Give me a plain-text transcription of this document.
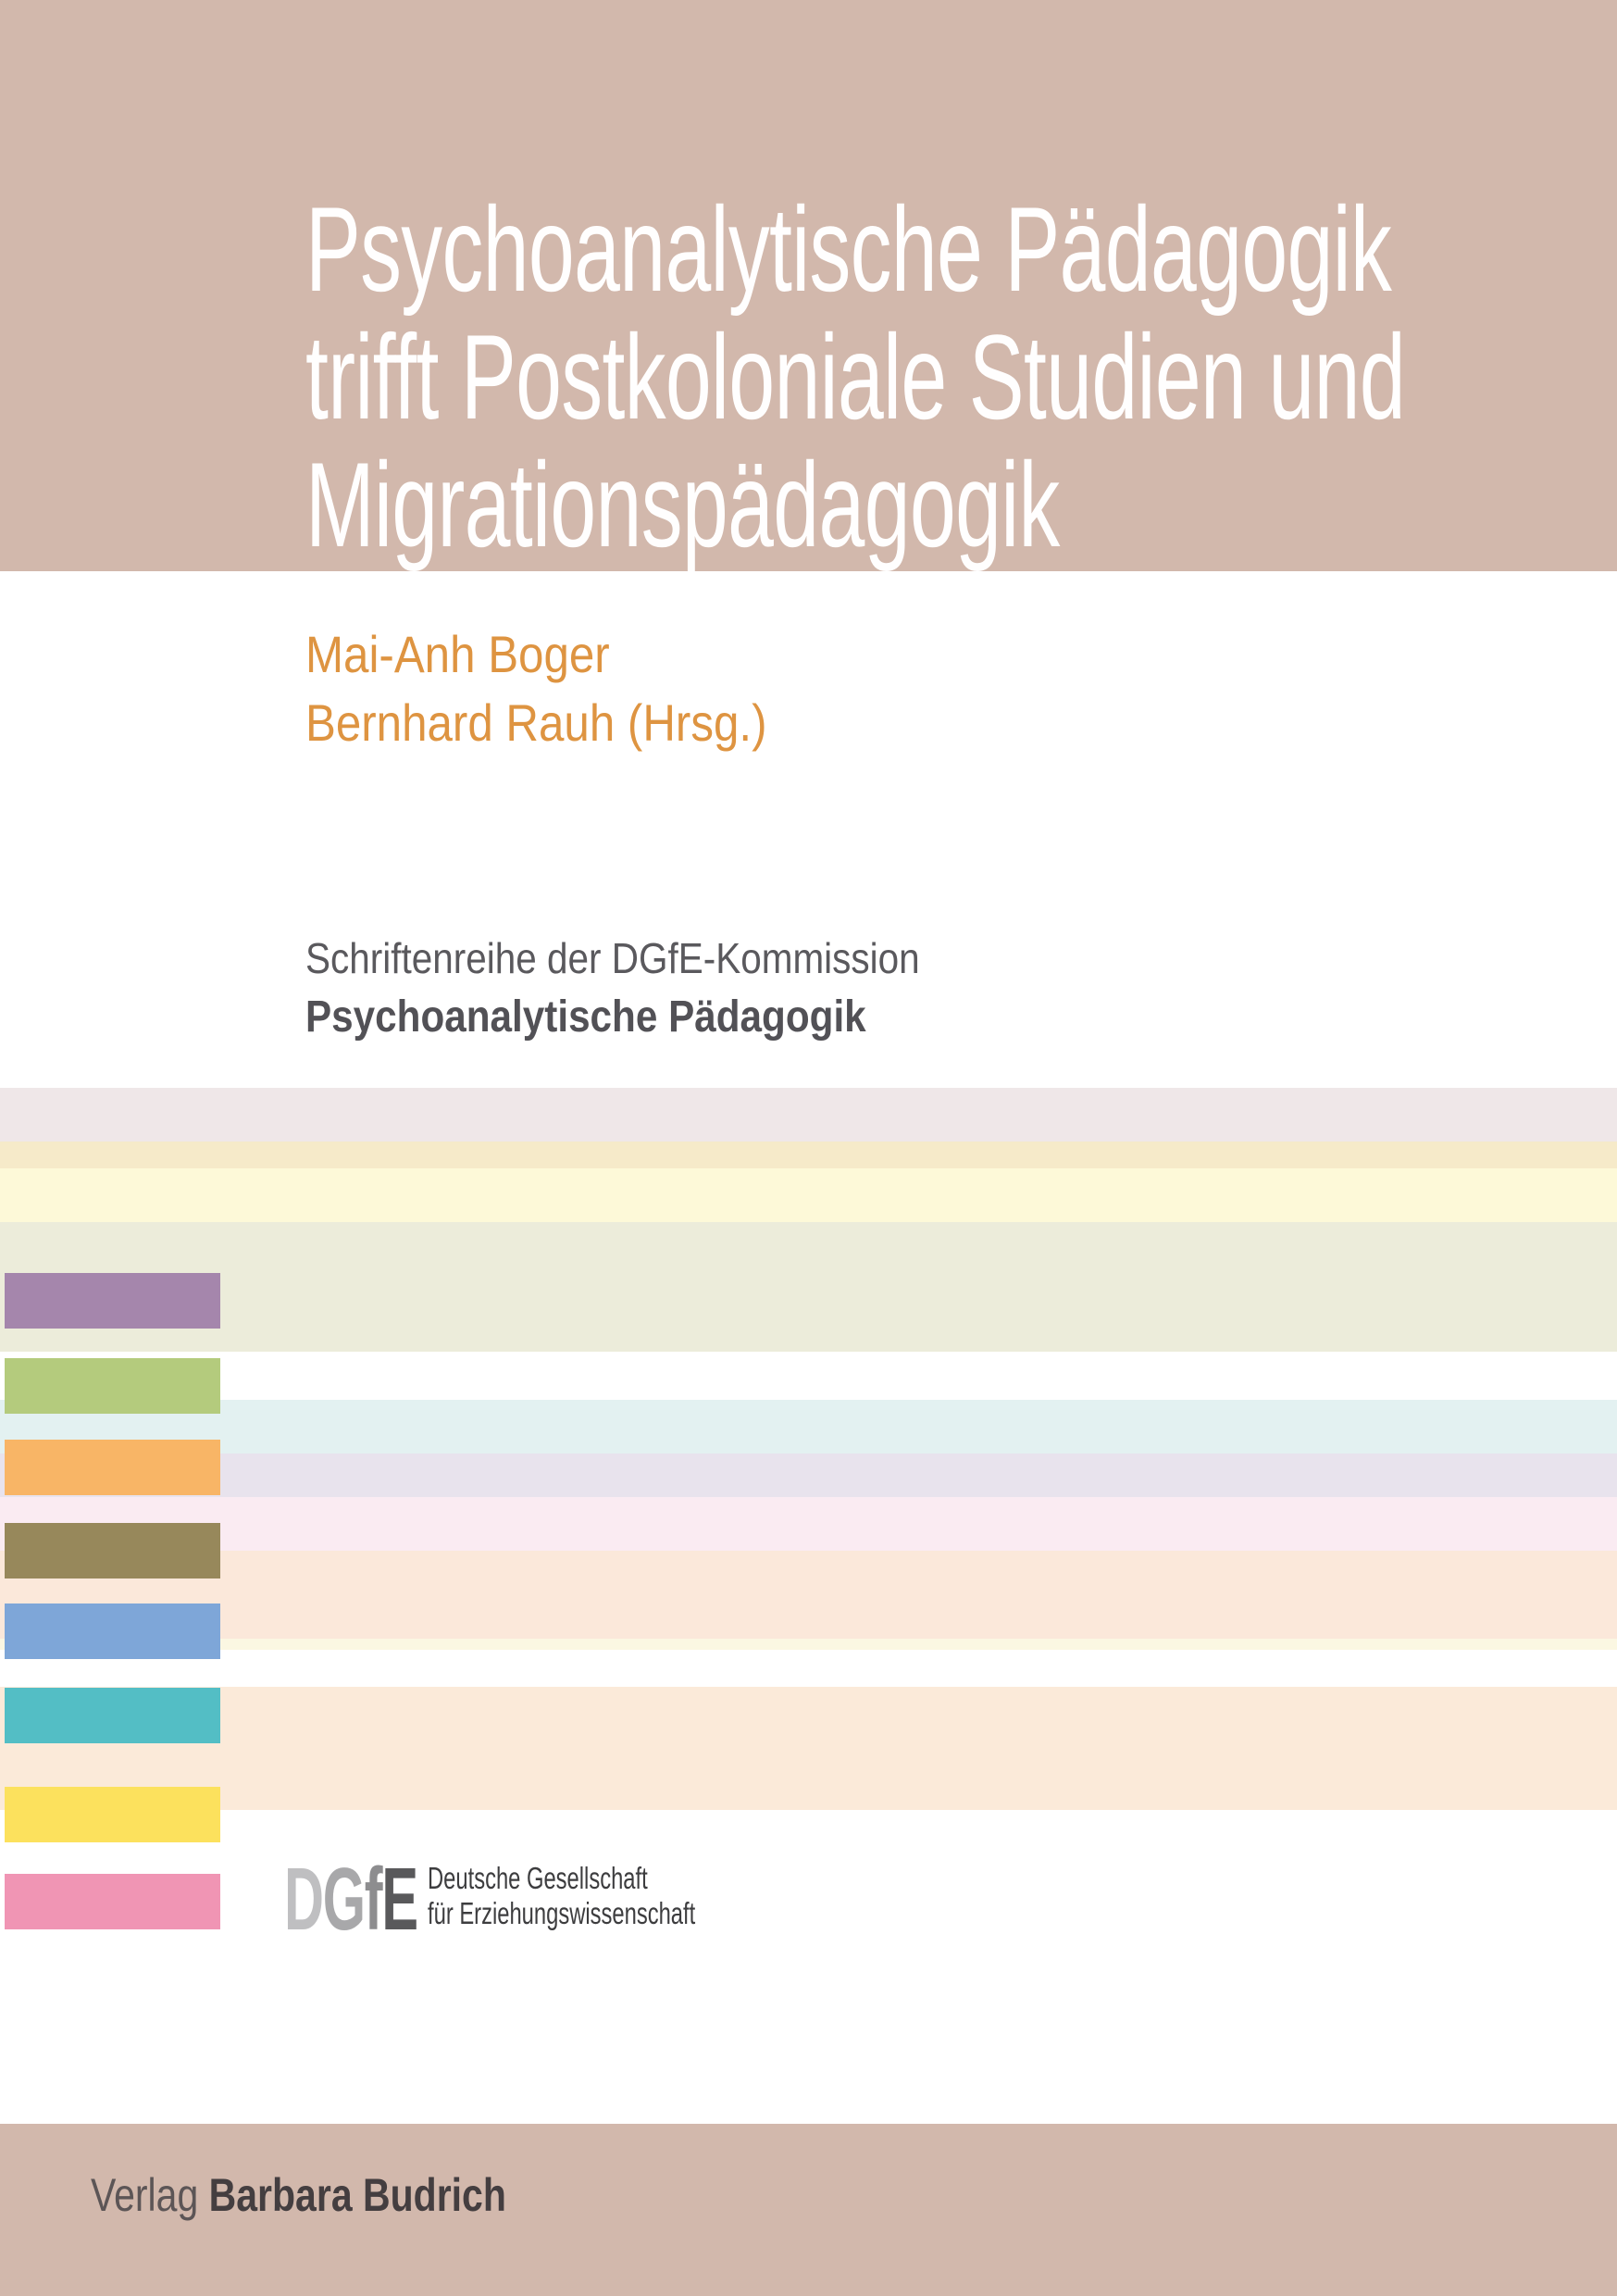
Psychoanalytische Pädagogik
trifft Postkoloniale Studien und
Migrationspädagogik
Mai-Anh Boger
Bernhard Rauh (Hrsg.)
Schriftenreihe der DGfE-Kommission
Psychoanalytische Pädagogik
DGfE Deutsche Gesellschaft
für Erziehungswissenschaft
Verlag Barbara Budrich
